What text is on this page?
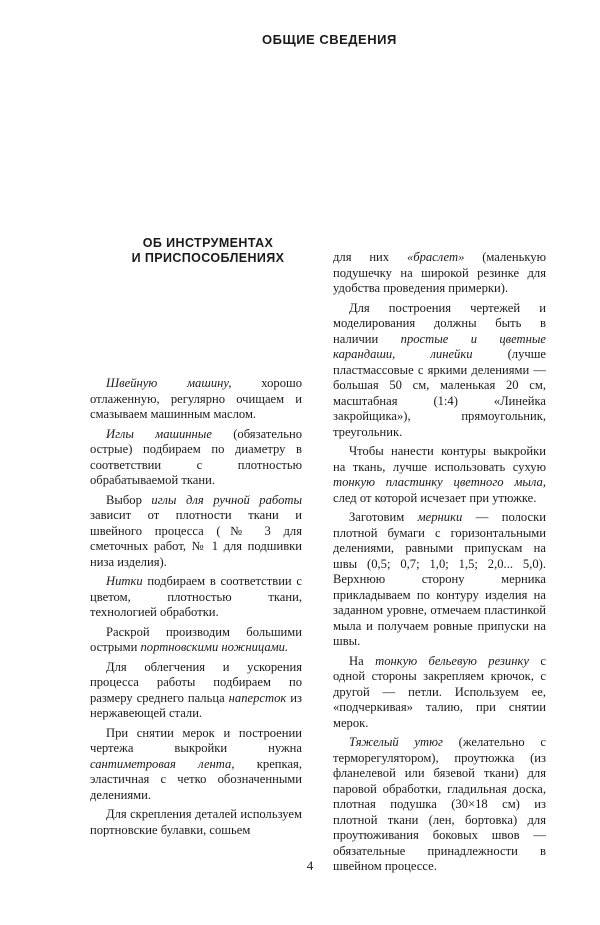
ОБЩИЕ СВЕДЕНИЯ
ОБ ИНСТРУМЕНТАХ
И ПРИСПОСОБЛЕНИЯХ

Швейную машину, хорошо отлаженную, регулярно очищаем и смазываем машинным маслом.

Иглы машинные (обязательно острые) подбираем по диаметру в соответствии с плотностью обрабатываемой ткани.

Выбор иглы для ручной работы зависит от плотности ткани и швейного процесса (№ 3 для сметочных работ, № 1 для подшивки низа изделия).

Нитки подбираем в соответствии с цветом, плотностью ткани, технологией обработки.

Раскрой производим большими острыми портновскими ножницами.

Для облегчения и ускорения процесса работы подбираем по размеру среднего пальца наперсток из нержавеющей стали.

При снятии мерок и построении чертежа выкройки нужна сантиметровая лента, крепкая, эластичная с четко обозначенными делениями.

Для скрепления деталей используем портновские булавки, сошьем

для них «браслет» (маленькую подушечку на широкой резинке для удобства проведения примерки).

Для построения чертежей и моделирования должны быть в наличии простые и цветные карандаши, линейки (лучше пластмассовые с яркими делениями — большая 50 см, маленькая 20 см, масштабная (1:4) «Линейка закройщика»), прямоугольник, треугольник.

Чтобы нанести контуры выкройки на ткань, лучше использовать сухую тонкую пластинку цветного мыла, след от которой исчезает при утюжке.

Заготовим мерники — полоски плотной бумаги с горизонтальными делениями, равными припускам на швы (0,5; 0,7; 1,0; 1,5; 2,0... 5,0). Верхнюю сторону мерника прикладываем по контуру изделия на заданном уровне, отмечаем пластинкой мыла и получаем ровные припуски на швы.

На тонкую бельевую резинку с одной стороны закрепляем крючок, с другой — петли. Используем ее, «подчеркивая» талию, при снятии мерок.

Тяжелый утюг (желательно с терморегулятором), проутюжка (из фланелевой или бязевой ткани) для паровой обработки, гладильная доска, плотная подушка (30×18 см) из плотной ткани (лен, бортовка) для проутюживания боковых швов — обязательные принадлежности в швейном процессе.

4
